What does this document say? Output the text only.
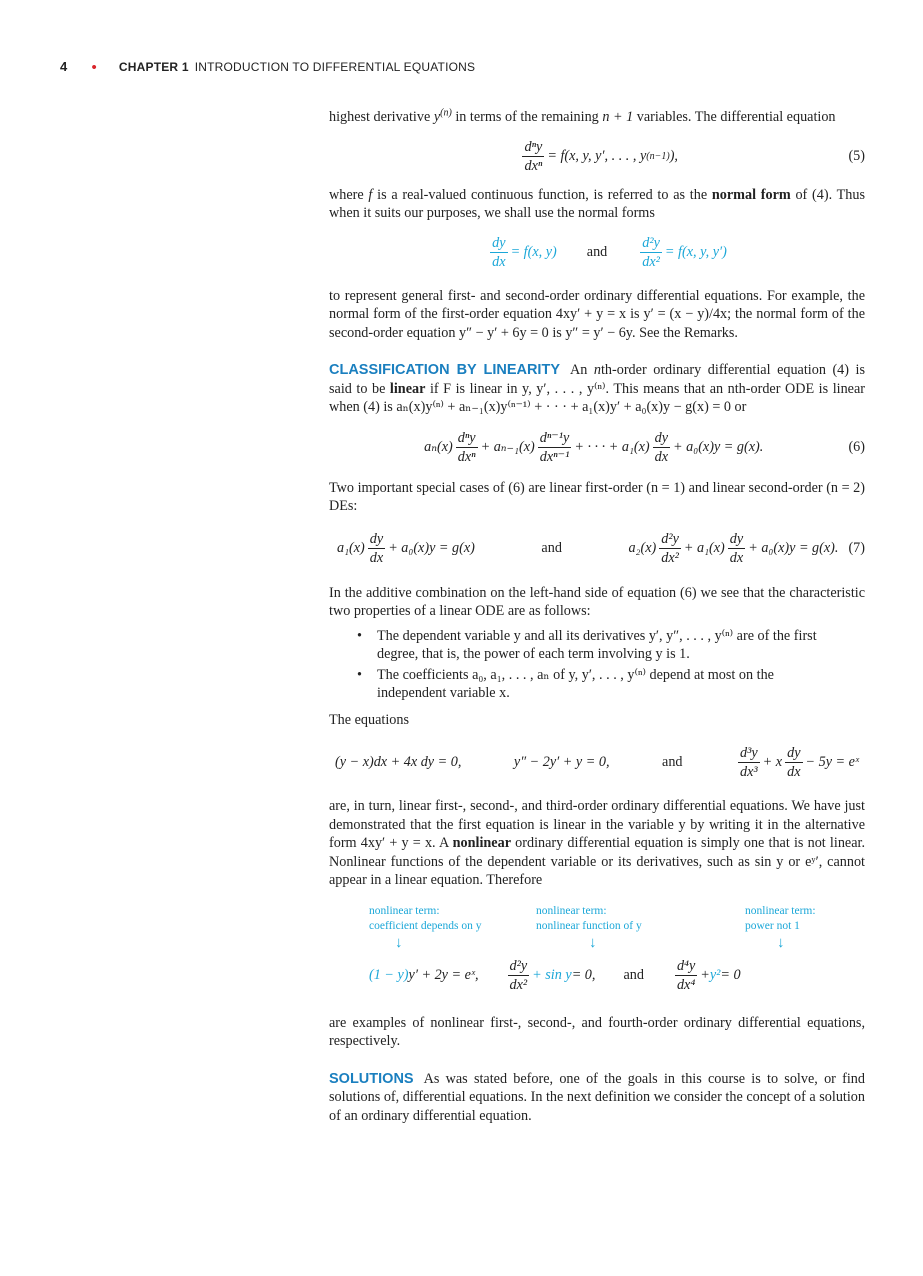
4 • CHAPTER 1 INTRODUCTION TO DIFFERENTIAL EQUATIONS

highest derivative $y^{(n)}$ in terms of the remaining n + 1 variables. The differential equation

$\frac{\text{dⁿy}}{\text{dxⁿ}} = f(x$, y, y′, . . . , y (n−1) ),	(5)

where f is a real-valued continuous function, is referred to as the normal form of (4). Thus when it suits our purposes, we shall use the normal forms

$\frac{dy}{dx} = f(x$, y) and $\frac{\text{d²y}}{\text{dx²}} = f(x$, y, y′)

to represent general first- and second-order ordinary differential equations. For example, the normal form of the first-order equation 4xy′ + y = x is y′ = (x − y)/4x; the normal form of the second-order equation y″ − y′ + 6y = 0 is y″ = y′ − 6y. See the Remarks.

CLASSIFICATION BY LINEARITY An nth-order ordinary differential equation (4) is said to be linear if F is linear in y, y′, . . . , y⁽ⁿ⁾. This means that an nth-order ODE is linear when (4) is aₙ(x)y⁽ⁿ⁾ + aₙ₋₁(x)y⁽ⁿ⁻¹⁾ + · · · + a₁(x)y′ + a₀(x)y − g(x) = 0 or

$a_n(x) \frac{\text{dⁿy}}{\text{dxⁿ}} + a_{n-1}(x) \frac{\text{dⁿ⁻¹y}}{\text{dxⁿ⁻¹}}$ + · · · + $a_1(x) \frac{dy}{dx} + a_0(x)y = g(x)$.	(6)

Two important special cases of (6) are linear first-order (n = 1) and linear second-order (n = 2) DEs:

$a_1(x) \frac{dy}{dx} + a_0(x)y = g(x)$	and	$a_2(x) \frac{\text{d²y}}{\text{dx²}} + a_1(x) \frac{dy}{dx} + a_0(x)y = g(x)$. (7)

In the additive combination on the left-hand side of equation (6) we see that the characteristic two properties of a linear ODE are as follows:

•	The dependent variable y and all its derivatives y′, y″, . . . , y⁽ⁿ⁾ are of the first degree, that is, the power of each term involving y is 1.
•	The coefficients a₀, a₁, . . . , aₙ of y, y′, . . . , y⁽ⁿ⁾ depend at most on the independent variable x.

The equations

(y − x)dx + 4x dy = 0,	y″ − 2y′ + y = 0,	and	$\frac{\text{d³y}}{\text{dx³}} + x \frac{dy}{dx} - 5y$ = eˣ

are, in turn, linear first-, second-, and third-order ordinary differential equations. We have just demonstrated that the first equation is linear in the variable y by writing it in the alternative form 4xy′ + y = x. A nonlinear ordinary differential equation is simply one that is not linear. Nonlinear functions of the dependent variable or its derivatives, such as sin y or eʸ′, cannot appear in a linear equation. Therefore

nonlinear term:
coefficient depends on y
nonlinear term:
nonlinear function of y
nonlinear term:
power not 1
↓	↓	↓
(1 − y) y′ + 2y = eˣ, $\frac{\text{d²y}}{\text{dx²}} + \sin y = 0$, and $\frac{\text{d⁴y}}{\text{dx⁴}} + y^2 = 0$

are examples of nonlinear first-, second-, and fourth-order ordinary differential equations, respectively.

SOLUTIONS As was stated before, one of the goals in this course is to solve, or find solutions of, differential equations. In the next definition we consider the concept of a solution of an ordinary differential equation.
